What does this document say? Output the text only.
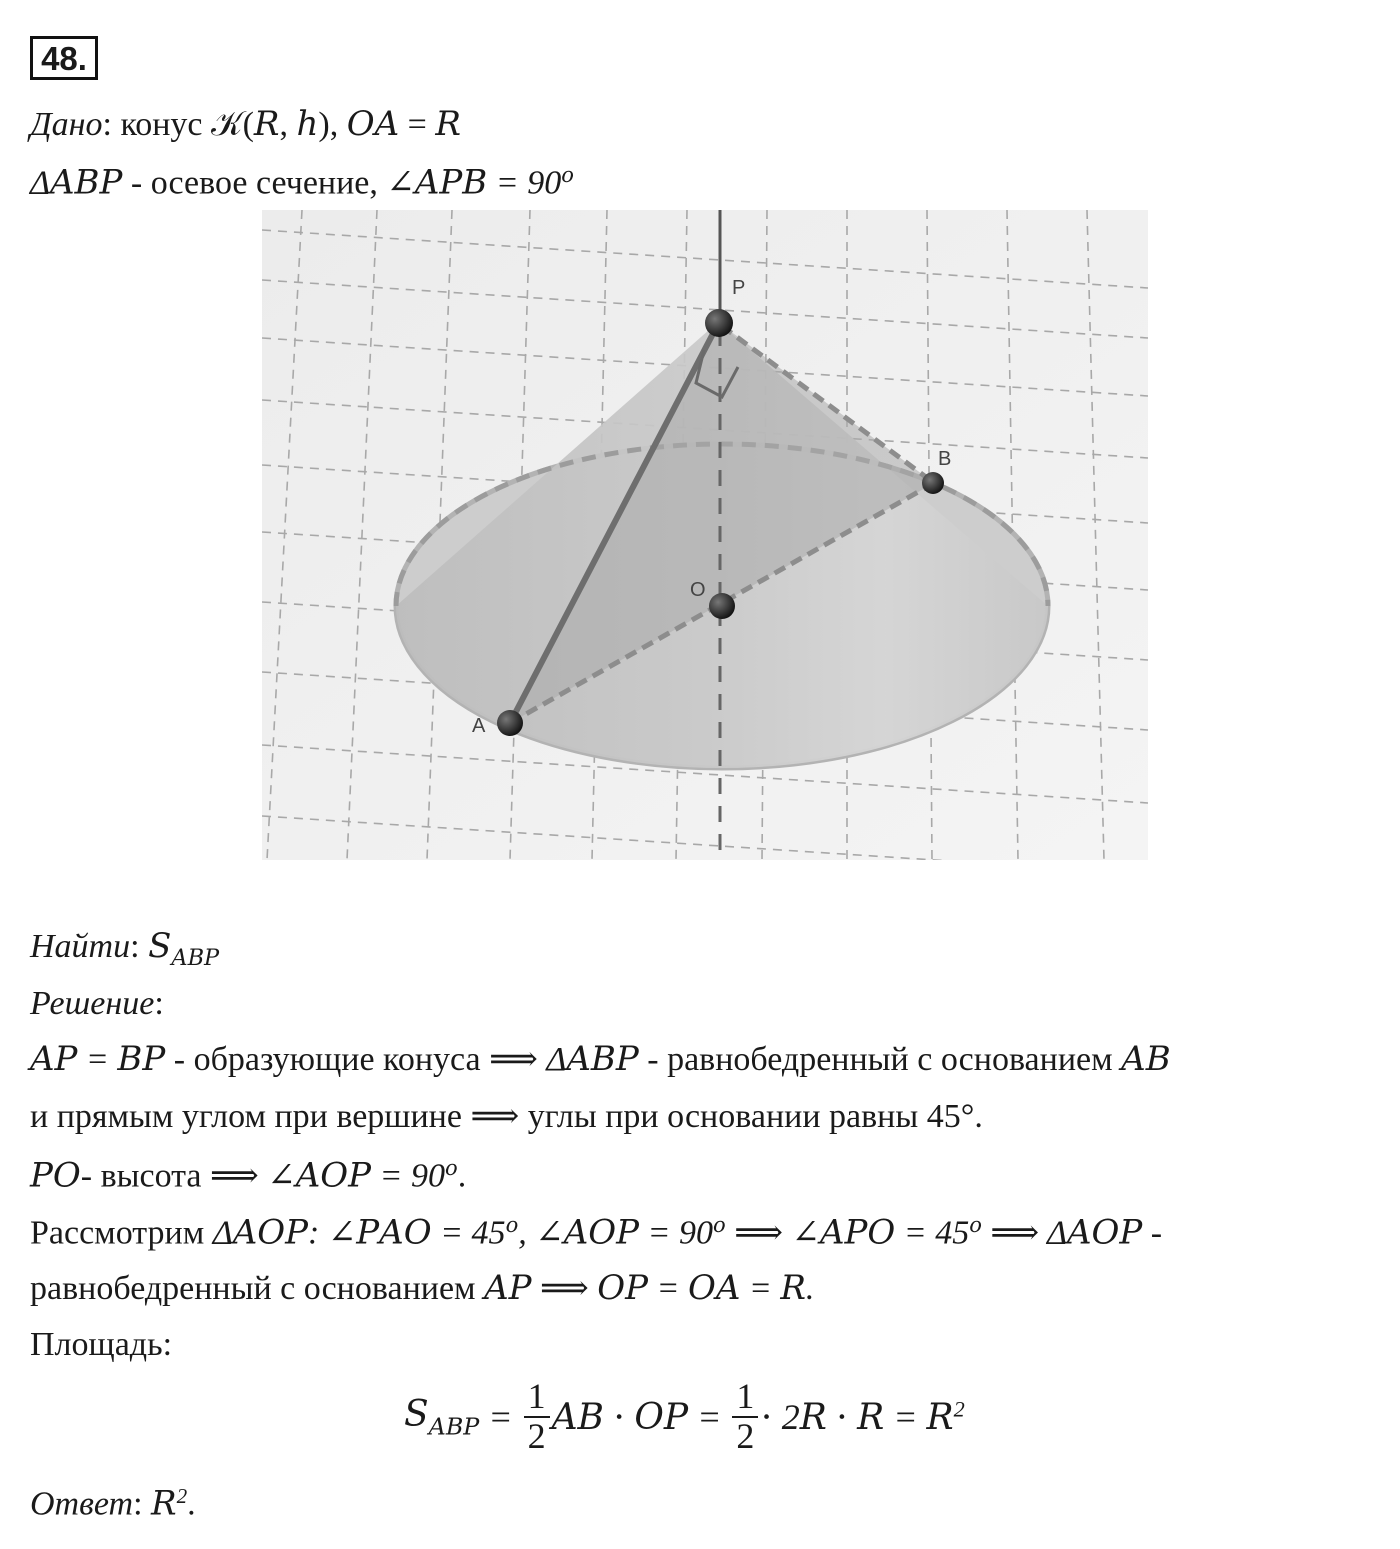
48.
Дано: конус 𝒦(𝑅, ℎ), 𝑂𝐴 = 𝑅
Δ𝐴𝐵𝑃 - осевое сечение, ∠𝐴𝑃𝐵 = $90^𝑜$
P
B
O
A
Найти: 𝑆$_{𝐴𝐵𝑃}$
Решение:
𝐴𝑃 = 𝐵𝑃 - образующие конуса ⟹ Δ𝐴𝐵𝑃 - равнобедренный с основанием 𝐴𝐵
и прямым углом при вершине ⟹ углы при основании равны 45°.
𝑃𝑂- высота ⟹ ∠𝐴𝑂𝑃 = $90^𝑜$.
Рассмотрим Δ𝐴𝑂𝑃: ∠𝑃𝐴𝑂 = $45^𝑜$, ∠𝐴𝑂𝑃 = $90^𝑜$ ⟹ ∠𝐴𝑃𝑂 = $45^𝑜$ ⟹ Δ𝐴𝑂𝑃 -
равнобедренный с основанием 𝐴𝑃 ⟹ 𝑂𝑃 = 𝑂𝐴 = 𝑅.
Площадь:
𝑆$_{𝐴𝐵𝑃}$ = $\frac{1}{2}$ 𝐴𝐵 ⋅ 𝑂𝑃 = $\frac{1}{2}$ ⋅ 2𝑅 ⋅ 𝑅 = 𝑅$^2$
Ответ: 𝑅$^2$.
